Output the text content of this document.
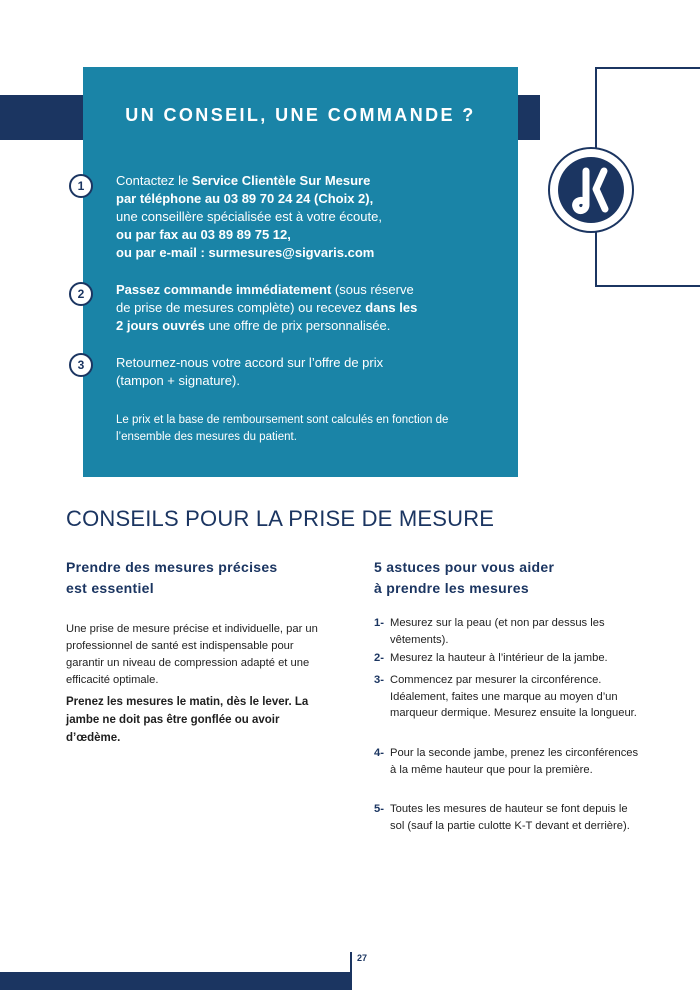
UN CONSEIL, UNE COMMANDE ?
1	Contactez le Service Clientèle Sur Mesure
par téléphone au 03 89 70 24 24 (Choix 2),
une conseillère spécialisée est à votre écoute,
ou par fax au 03 89 89 75 12,
ou par e-mail : surmesures@sigvaris.com
2	Passez commande immédiatement (sous réserve
de prise de mesures complète) ou recevez dans les
2 jours ouvrés une offre de prix personnalisée.
3	Retournez-nous votre accord sur l’offre de prix
(tampon + signature).
Le prix et la base de remboursement sont calculés en fonction de l’ensemble des mesures du patient.
CONSEILS POUR LA PRISE DE MESURE
Prendre des mesures précises
est essentiel
Une prise de mesure précise et individuelle, par un professionnel de santé est indispensable pour garantir un niveau de compression adapté et une efficacité optimale.
Prenez les mesures le matin, dès le lever. La jambe ne doit pas être gonflée ou avoir d’œdème.
5 astuces pour vous aider
à prendre les mesures
1- Mesurez sur la peau (et non par dessus les vêtements).
2- Mesurez la hauteur à l’intérieur de la jambe.
3- Commencez par mesurer la circonférence. Idéalement, faites une marque au moyen d’un marqueur dermique. Mesurez ensuite la longueur.
4- Pour la seconde jambe, prenez les circonférences à la même hauteur que pour la première.
5- Toutes les mesures de hauteur se font depuis le sol (sauf la partie culotte K-T devant et derrière).
27
